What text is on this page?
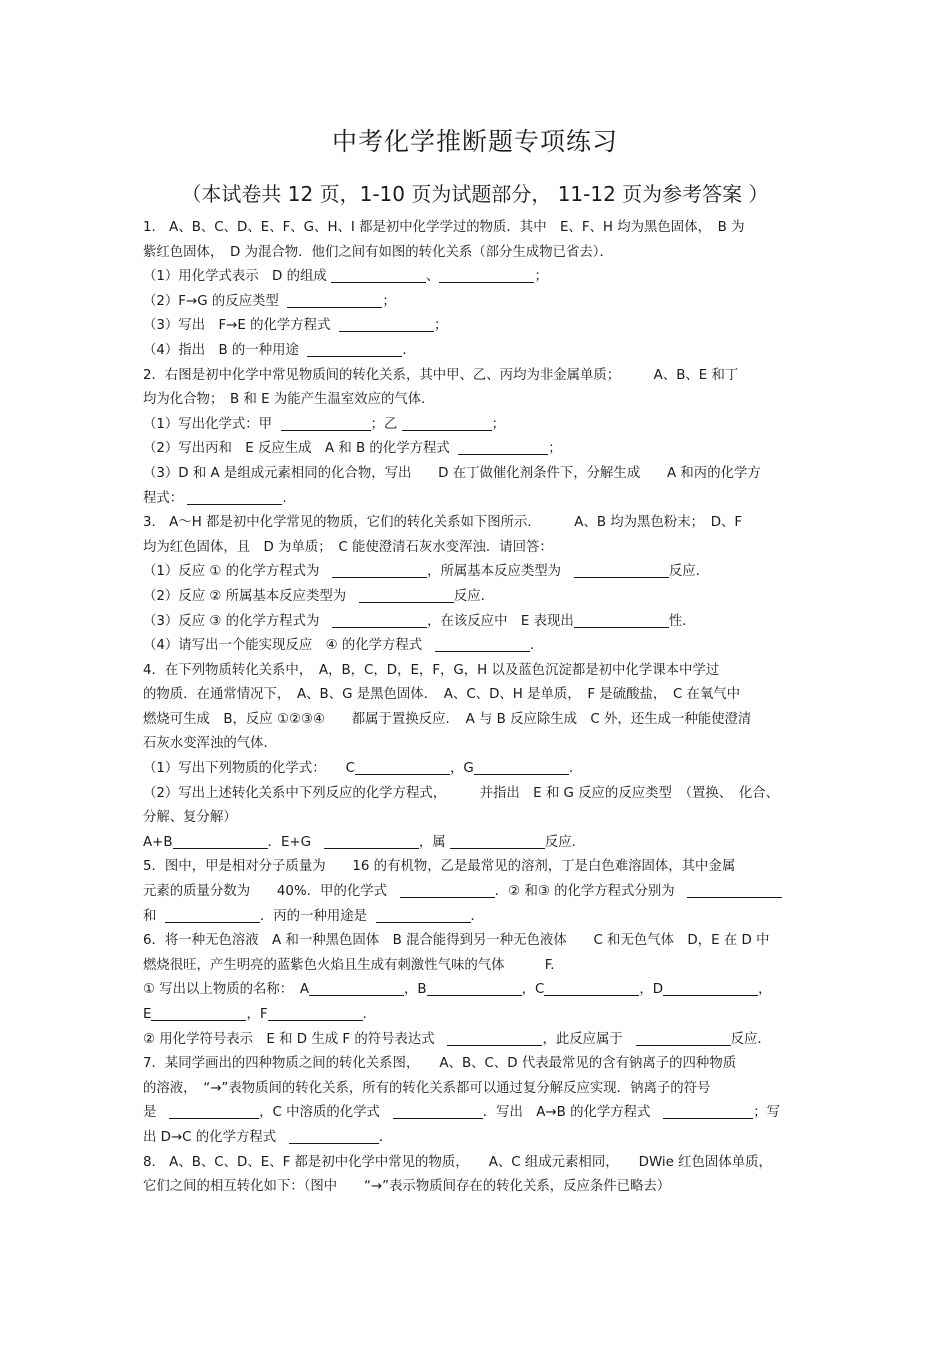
中考化学推断题专项练习
（本试卷共 12 页，1-10 页为试题部分， 11-12 页为参考答案 ）
1.　A、B、C、D、E、F、G、H、I 都是初中化学学过的物质．其中　E、F、H 均为黑色固体，　B 为
紫红色固体，　D 为混合物．他们之间有如图的转化关系（部分生成物已省去）．
（1）用化学式表示　D 的组成	、	；
（2）F→G 的反应类型	；
（3）写出　F→E 的化学方程式	；
（4）指出　B 的一种用途	．
2．右图是初中化学中常见物质间的转化关系，其中甲、乙、丙均为非金属单质；　　　A、B、E 和丁
均为化合物；　B 和 E 为能产生温室效应的气体．
（1）写出化学式：甲	；乙	；
（2）写出丙和　E 反应生成　A 和 B 的化学方程式	；
（3）D 和 A 是组成元素相同的化合物，写出　　D 在丁做催化剂条件下，分解生成　　A 和丙的化学方
程式：	．
3.　A～H 都是初中化学常见的物质，它们的转化关系如下图所示．　　　A、B 均为黑色粉末；　D、F
均为红色固体，且　D 为单质；　C 能使澄清石灰水变浑浊．请回答：
（1）反应 ① 的化学方程式为	，所属基本反应类型为	反应．
（2）反应 ② 所属基本反应类型为	反应．
（3）反应 ③ 的化学方程式为	，在该反应中　E 表现出	性．
（4）请写出一个能实现反应　④ 的化学方程式	．
4．在下列物质转化关系中，　A，B，C，D，E，F，G，H 以及蓝色沉淀都是初中化学课本中学过
的物质．在通常情况下，　A、B、G 是黑色固体．　A、C、D、H 是单质，　F 是硫酸盐，　C 在氧气中
燃烧可生成　B，反应 ①②③④　　都属于置换反应．　A 与 B 反应除生成　C 外，还生成一种能使澄清
石灰水变浑浊的气体．
（1）写出下列物质的化学式：　　C	，G	．
（2）写出上述转化关系中下列反应的化学方程式，　　　并指出　E 和 G 反应的反应类型　（置换、　化合、
分解、复分解）
A+B	．E+G	，属	反应．
5．图中，甲是相对分子质量为　　16 的有机物，乙是最常见的溶剂，丁是白色难溶固体，其中金属
元素的质量分数为　　40%．甲的化学式	．② 和③ 的化学方程式分别为
和	．丙的一种用途是	．
6．将一种无色溶液　A 和一种黑色固体　B 混合能得到另一种无色液体　　C 和无色气体　D，E 在 D 中
燃烧很旺，产生明亮的蓝紫色火焰且生成有刺激性气味的气体　　　F.
① 写出以上物质的名称：　A	，B	，C	，D	，
E	，F	．
② 用化学符号表示　E 和 D 生成 F 的符号表达式	，此反应属于	反应．
7．某同学画出的四种物质之间的转化关系图，　　A、B、C、D 代表最常见的含有钠离子的四种物质
的溶液，　“→”表物质间的转化关系，所有的转化关系都可以通过复分解反应实现．钠离子的符号
是	，C 中溶质的化学式	．写出　A→B 的化学方程式	；写
出 D→C 的化学方程式	．
8.　A、B、C、D、E、F 都是初中化学中常见的物质，　　A、C 组成元素相同，　　DWie 红色固体单质，
它们之间的相互转化如下：（图中　　“→”表示物质间存在的转化关系，反应条件已略去）
